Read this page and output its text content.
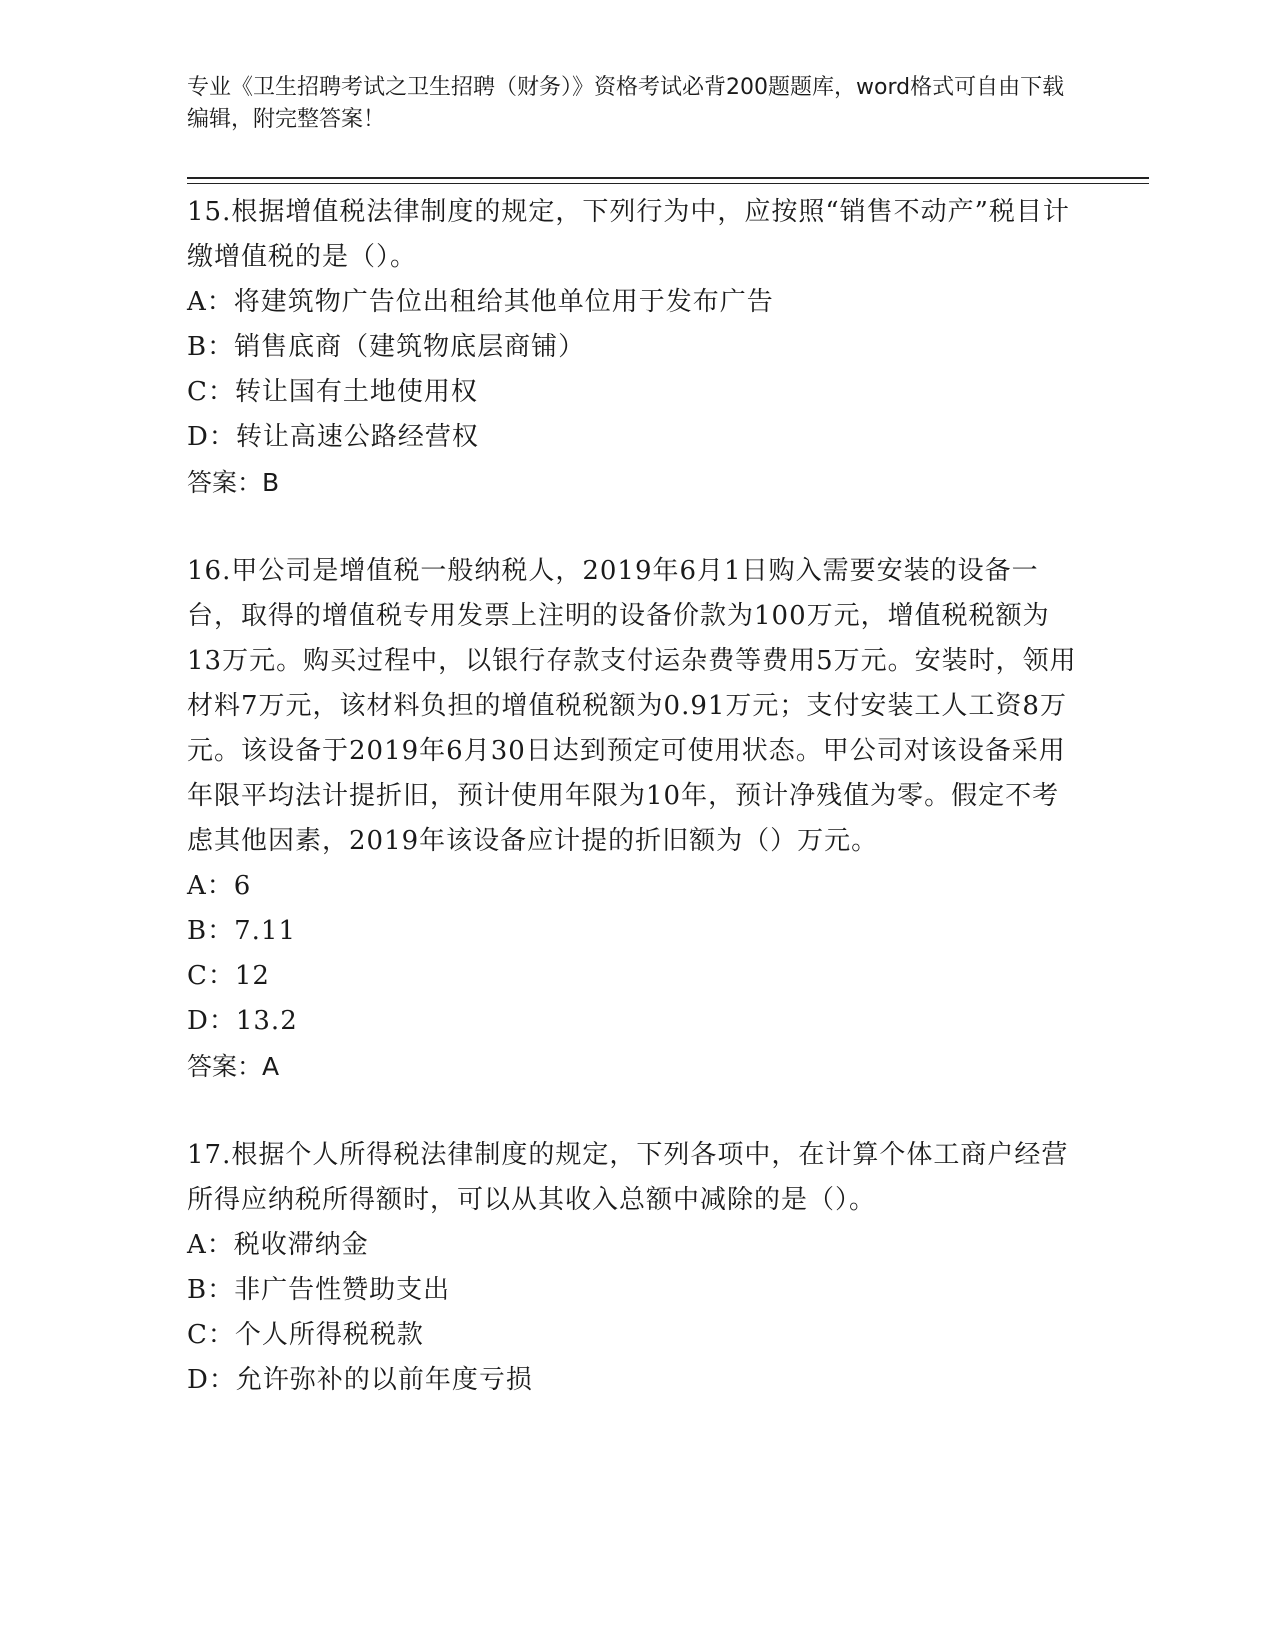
专业《卫生招聘考试之卫生招聘（财务）》资格考试必背200题题库，word格式可自由下载编辑，附完整答案！

15.根据增值税法律制度的规定，下列行为中，应按照“销售不动产”税目计缴增值税的是（）。

A：将建筑物广告位出租给其他单位用于发布广告

B：销售底商（建筑物底层商铺）

C：转让国有土地使用权

D：转让高速公路经营权

答案：B

16.甲公司是增值税一般纳税人，2019年6月1日购入需要安装的设备一台，取得的增值税专用发票上注明的设备价款为100万元，增值税税额为13万元。购买过程中，以银行存款支付运杂费等费用5万元。安装时，领用材料7万元，该材料负担的增值税税额为0.91万元；支付安装工人工资8万元。该设备于2019年6月30日达到预定可使用状态。甲公司对该设备采用年限平均法计提折旧，预计使用年限为10年，预计净残值为零。假定不考虑其他因素，2019年该设备应计提的折旧额为（）万元。

A：6

B：7.11

C：12

D：13.2

答案：A

17.根据个人所得税法律制度的规定，下列各项中，在计算个体工商户经营所得应纳税所得额时，可以从其收入总额中减除的是（）。

A：税收滞纳金

B：非广告性赞助支出

C：个人所得税税款

D：允许弥补的以前年度亏损
